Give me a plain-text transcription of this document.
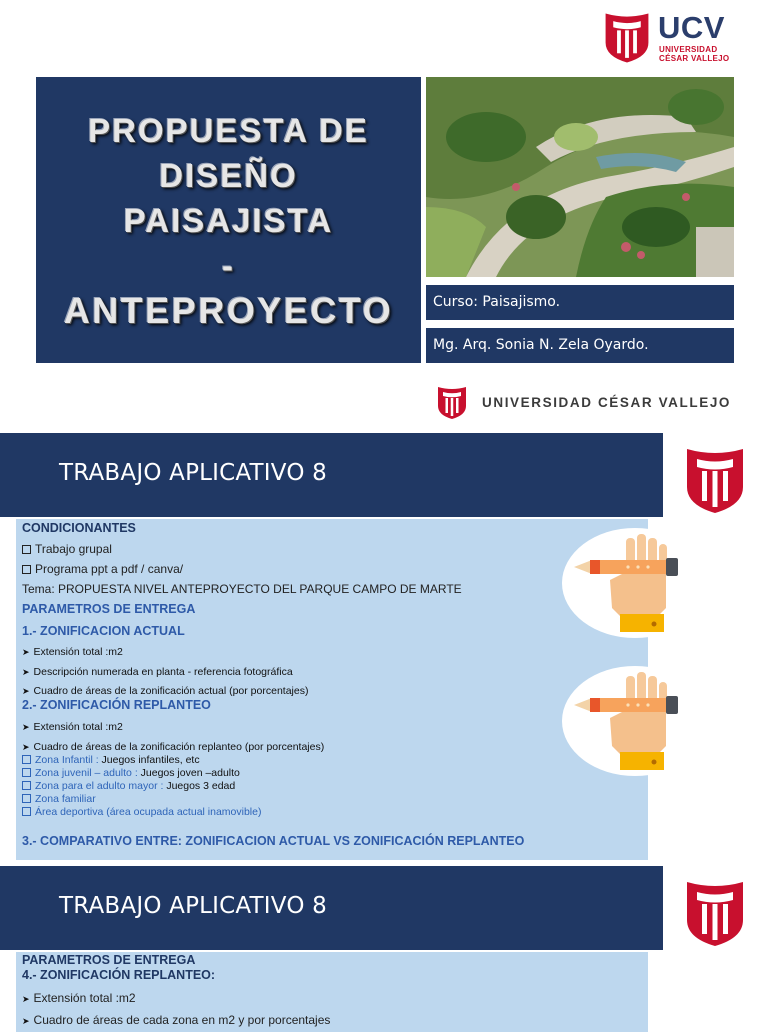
UCV
UNIVERSIDAD
CÉSAR VALLEJO
PROPUESTA DE
DISEÑO
PAISAJISTA
-
ANTEPROYECTO	Curso: Paisajismo.
Mg. Arq. Sonia N. Zela Oyardo.
UNIVERSIDAD CÉSAR VALLEJO
TRABAJO APLICATIVO 8
CONDICIONANTES
Trabajo grupal
Programa ppt a pdf / canva/
Tema: PROPUESTA NIVEL ANTEPROYECTO DEL PARQUE CAMPO DE MARTE
PARAMETROS DE ENTREGA
1.- ZONIFICACION ACTUAL
➤ Extensión total :m2
➤ Descripción numerada en planta - referencia fotográfica
➤ Cuadro de áreas de la zonificación actual (por porcentajes)
2.- ZONIFICACIÓN REPLANTEO
➤ Extensión total :m2
➤ Cuadro de áreas de la zonificación replanteo (por porcentajes)
Zona Infantil : Juegos infantiles, etc
Zona juvenil – adulto : Juegos joven –adulto
Zona para el adulto mayor : Juegos 3 edad
Zona familiar
Área deportiva (área ocupada actual inamovible)
3.- COMPARATIVO ENTRE: ZONIFICACION ACTUAL VS ZONIFICACIÓN REPLANTEO
TRABAJO APLICATIVO 8
PARAMETROS DE ENTREGA
4.- ZONIFICACIÓN REPLANTEO:
➤ Extensión total :m2
➤ Cuadro de áreas de cada zona en m2 y por porcentajes
